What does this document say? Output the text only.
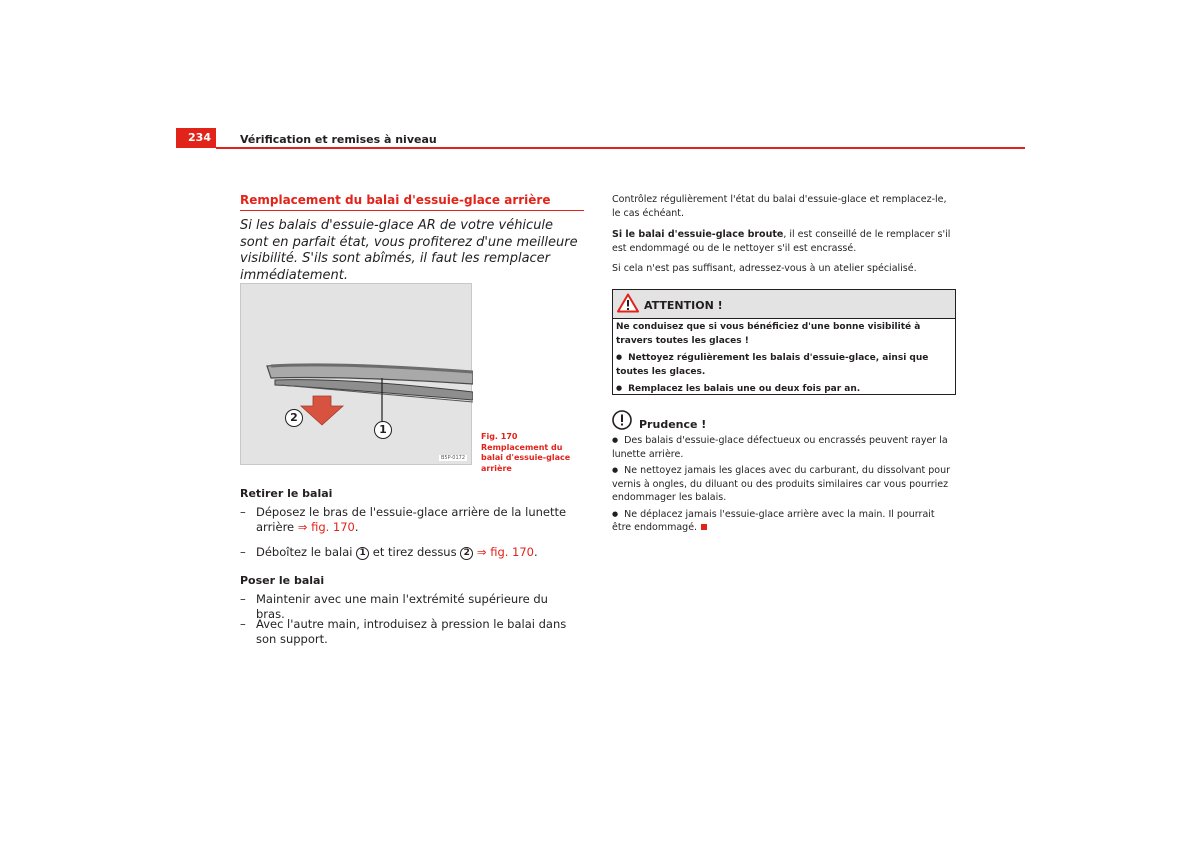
234	Vérification et remises à niveau
Remplacement du balai d'essuie-glace arrière
Si les balais d'essuie-glace AR de votre véhicule sont en parfait état, vous profiterez d'une meilleure visibilité. S'ils sont abîmés, il faut les remplacer immédiatement.
2
1
B5P-0172
Fig. 170 Remplacement du balai d'essuie-glace arrière
Retirer le balai
– Déposez le bras de l'essuie-glace arrière de la lunette arrière ⇒ fig. 170.
– Déboîtez le balai 1 et tirez dessus 2 ⇒ fig. 170.
Poser le balai
– Maintenir avec une main l'extrémité supérieure du bras.
– Avec l'autre main, introduisez à pression le balai dans son support.
Contrôlez régulièrement l'état du balai d'essuie-glace et remplacez-le, le cas échéant.
Si le balai d'essuie-glace broute, il est conseillé de le remplacer s'il est endommagé ou de le nettoyer s'il est encrassé.
Si cela n'est pas suffisant, adressez-vous à un atelier spécialisé.
ATTENTION !

Ne conduisez que si vous bénéficiez d'une bonne visibilité à travers toutes les glaces !

● Nettoyez régulièrement les balais d'essuie-glace, ainsi que toutes les glaces.

● Remplacez les balais une ou deux fois par an.

Prudence !

● Des balais d'essuie-glace défectueux ou encrassés peuvent rayer la lunette arrière.

● Ne nettoyez jamais les glaces avec du carburant, du dissolvant pour vernis à ongles, du diluant ou des produits similaires car vous pourriez endommager les balais.

● Ne déplacez jamais l'essuie-glace arrière avec la main. Il pourrait être endommagé.
